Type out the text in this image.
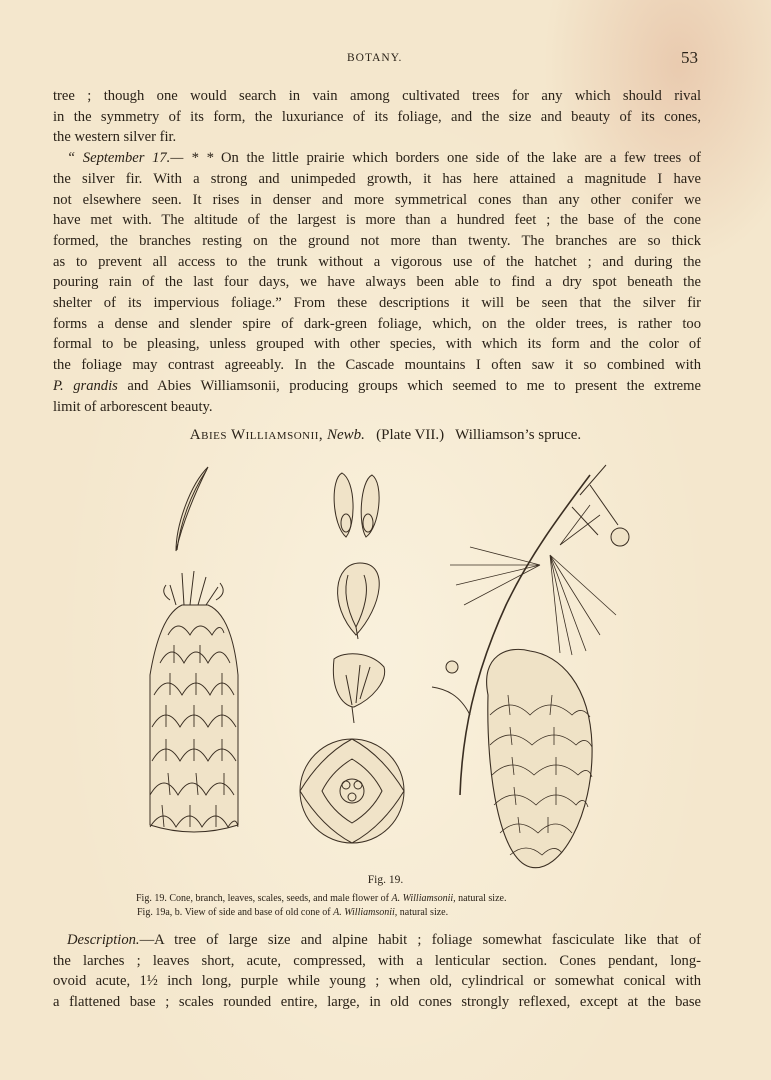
BOTANY.	53
tree ; though one would search in vain among cultivated trees for any which should rival
in the symmetry of its form, the luxuriance of its foliage, and the size and beauty of its cones,
the western silver fir.
“ September 17.— * * On the little prairie which borders one side of the lake are a few trees of
the silver fir. With a strong and unimpeded growth, it has here attained a magnitude I have
not elsewhere seen. It rises in denser and more symmetrical cones than any other conifer we
have met with. The altitude of the largest is more than a hundred feet ; the base of the cone
formed, the branches resting on the ground not more than twenty. The branches are so thick
as to prevent all access to the trunk without a vigorous use of the hatchet ; and during the
pouring rain of the last four days, we have always been able to find a dry spot beneath the
shelter of its impervious foliage.” From these descriptions it will be seen that the silver fir
forms a dense and slender spire of dark-green foliage, which, on the older trees, is rather too
formal to be pleasing, unless grouped with other species, with which its form and the color of
the foliage may contrast agreeably. In the Cascade mountains I often saw it so combined with
P. grandis and Abies Williamsonii, producing groups which seemed to me to present the extreme
limit of arborescent beauty.
Abies Williamsonii, Newb. (Plate VII.) Williamson’s spruce.
Fig. 19.
Fig. 19. Cone, branch, leaves, scales, seeds, and male flower of A. Williamsonii, natural size.
Fig. 19a, b. View of side and base of old cone of A. Williamsonii, natural size.
Description.—A tree of large size and alpine habit ; foliage somewhat fasciculate like that of
the larches ; leaves short, acute, compressed, with a lenticular section. Cones pendant, long-
ovoid acute, 1½ inch long, purple while young ; when old, cylindrical or somewhat conical with
a flattened base ; scales rounded entire, large, in old cones strongly reflexed, except at the base
